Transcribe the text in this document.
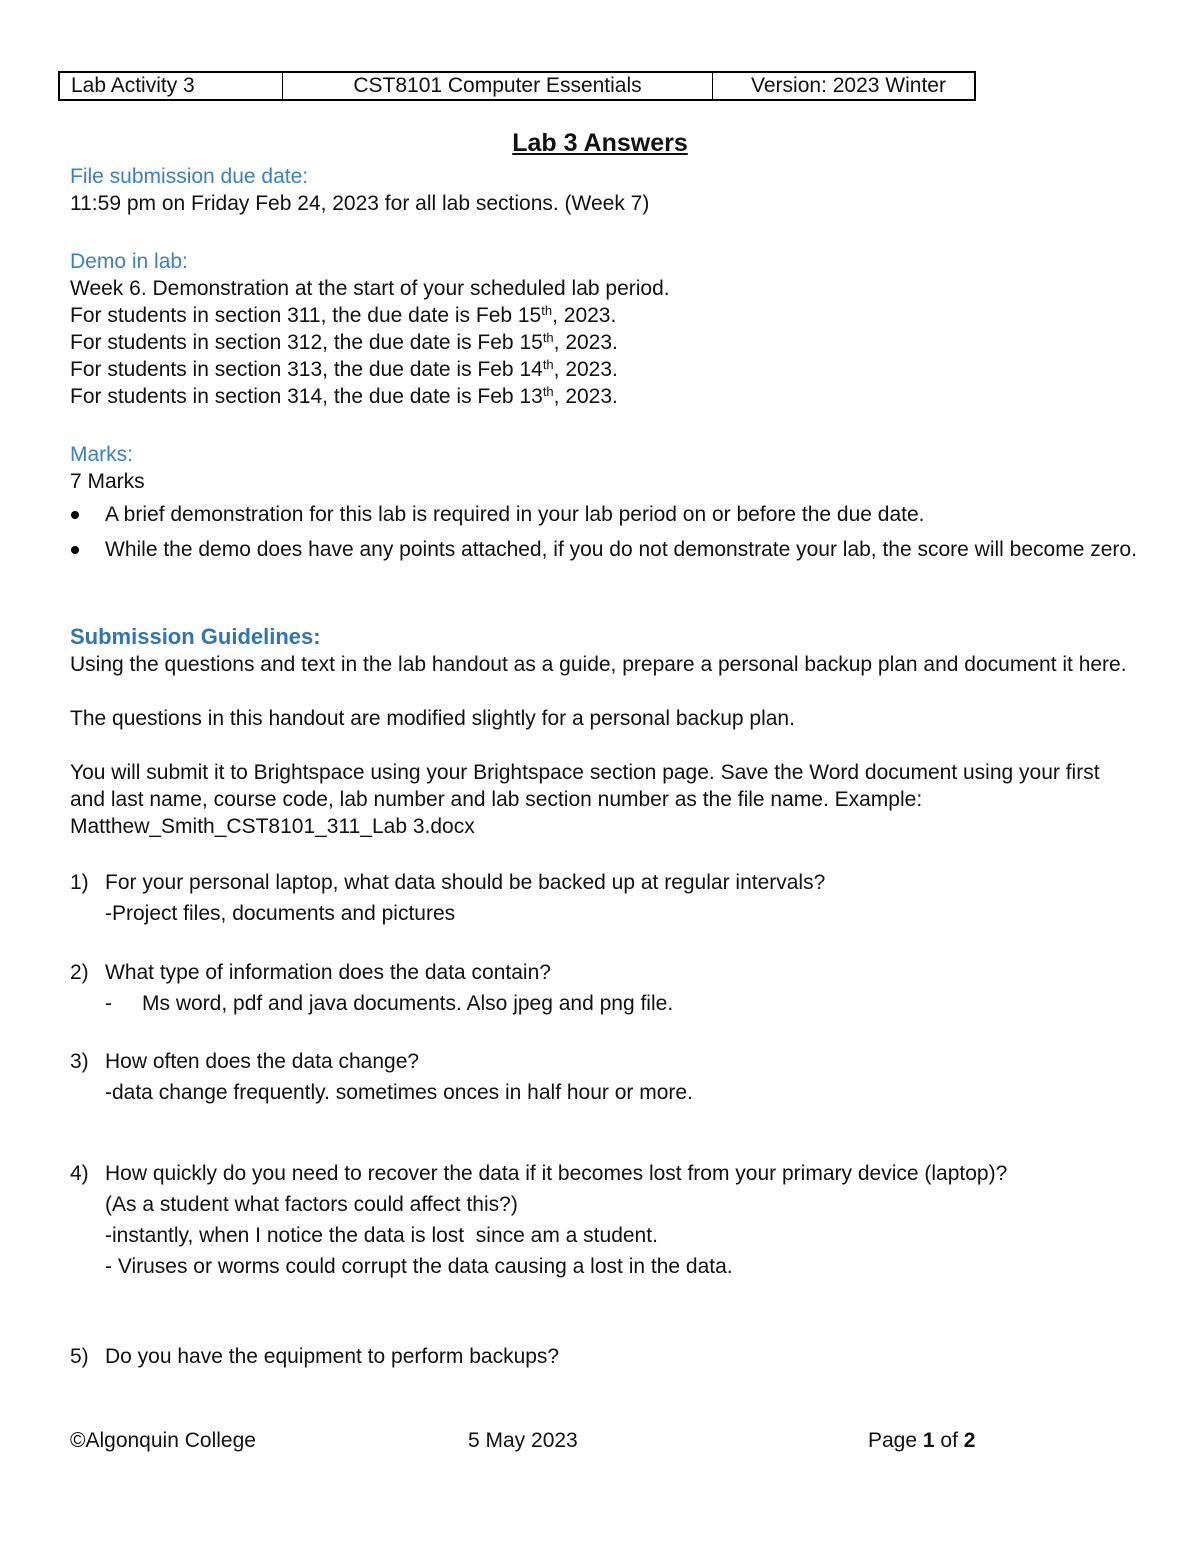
Lab Activity 3	CST8101 Computer Essentials	Version: 2023 Winter
Lab 3 Answers
File submission due date:
11:59 pm on Friday Feb 24, 2023 for all lab sections. (Week 7)
Demo in lab:
Week 6. Demonstration at the start of your scheduled lab period.
For students in section 311, the due date is Feb 15th, 2023.
For students in section 312, the due date is Feb 15th, 2023.
For students in section 313, the due date is Feb 14th, 2023.
For students in section 314, the due date is Feb 13th, 2023.
Marks:
7 Marks
A brief demonstration for this lab is required in your lab period on or before the due date.
While the demo does have any points attached, if you do not demonstrate your lab, the score will become zero.
Submission Guidelines:
Using the questions and text in the lab handout as a guide, prepare a personal backup plan and document it here.
The questions in this handout are modified slightly for a personal backup plan.
You will submit it to Brightspace using your Brightspace section page. Save the Word document using your first and last name, course code, lab number and lab section number as the file name. Example: Matthew_Smith_CST8101_311_Lab 3.docx
1) For your personal laptop, what data should be backed up at regular intervals?
-Project files, documents and pictures
2) What type of information does the data contain?
- Ms word, pdf and java documents. Also jpeg and png file.
3) How often does the data change?
-data change frequently. sometimes onces in half hour or more.
4) How quickly do you need to recover the data if it becomes lost from your primary device (laptop)?
(As a student what factors could affect this?)
-instantly, when I notice the data is lost  since am a student.
- Viruses or worms could corrupt the data causing a lost in the data.
5) Do you have the equipment to perform backups?
©Algonquin College	5 May 2023	Page 1 of 2
